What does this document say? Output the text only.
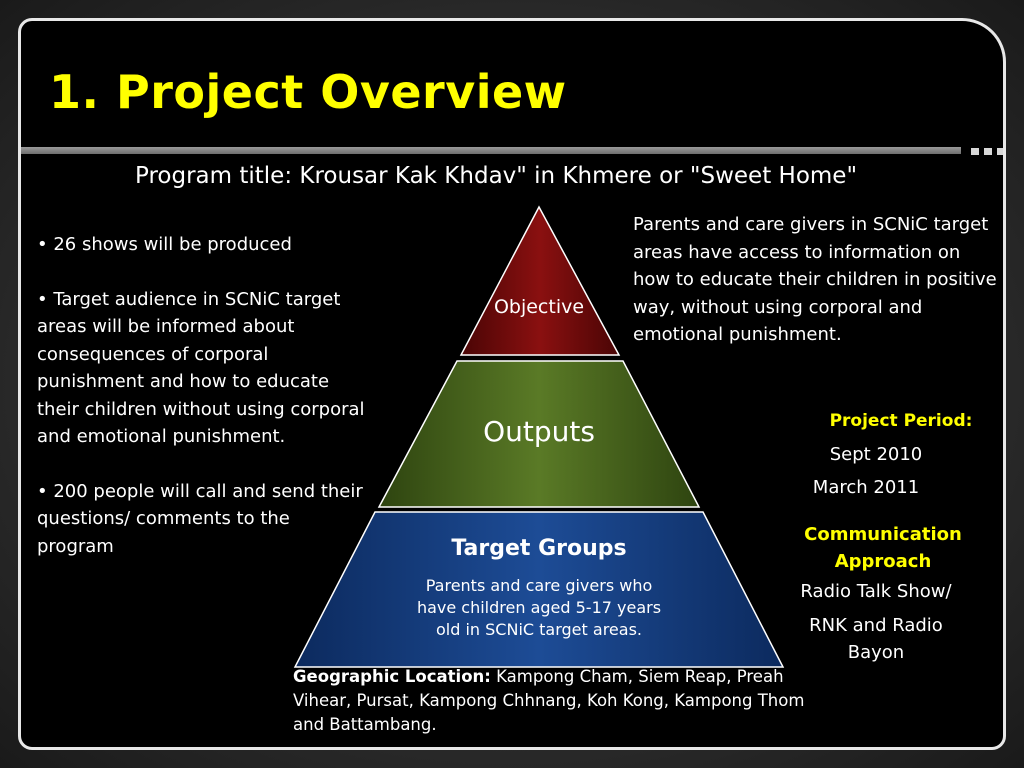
1. Project Overview
Program title: Krousar Kak Khdav" in Khmere or "Sweet Home"

• 26 shows will be produced

• Target audience in SCNiC target areas will be informed about consequences of corporal punishment and how to educate their children without using corporal and emotional punishment.

• 200 people will call and send their questions/ comments to the program

Objective
Outputs
Target Groups
Parents and care givers who
have children aged 5-17 years
old in SCNiC target areas.
Parents and care givers in SCNiC target areas have access to information on how to educate their children in positive way, without using corporal and emotional punishment.
Project Period:
Sept 2010
March 2011
Communication Approach
Radio Talk Show/
RNK and Radio
Bayon
Geographic Location: Kampong Cham, Siem Reap, Preah Vihear, Pursat, Kampong Chhnang, Koh Kong, Kampong Thom and Battambang.
